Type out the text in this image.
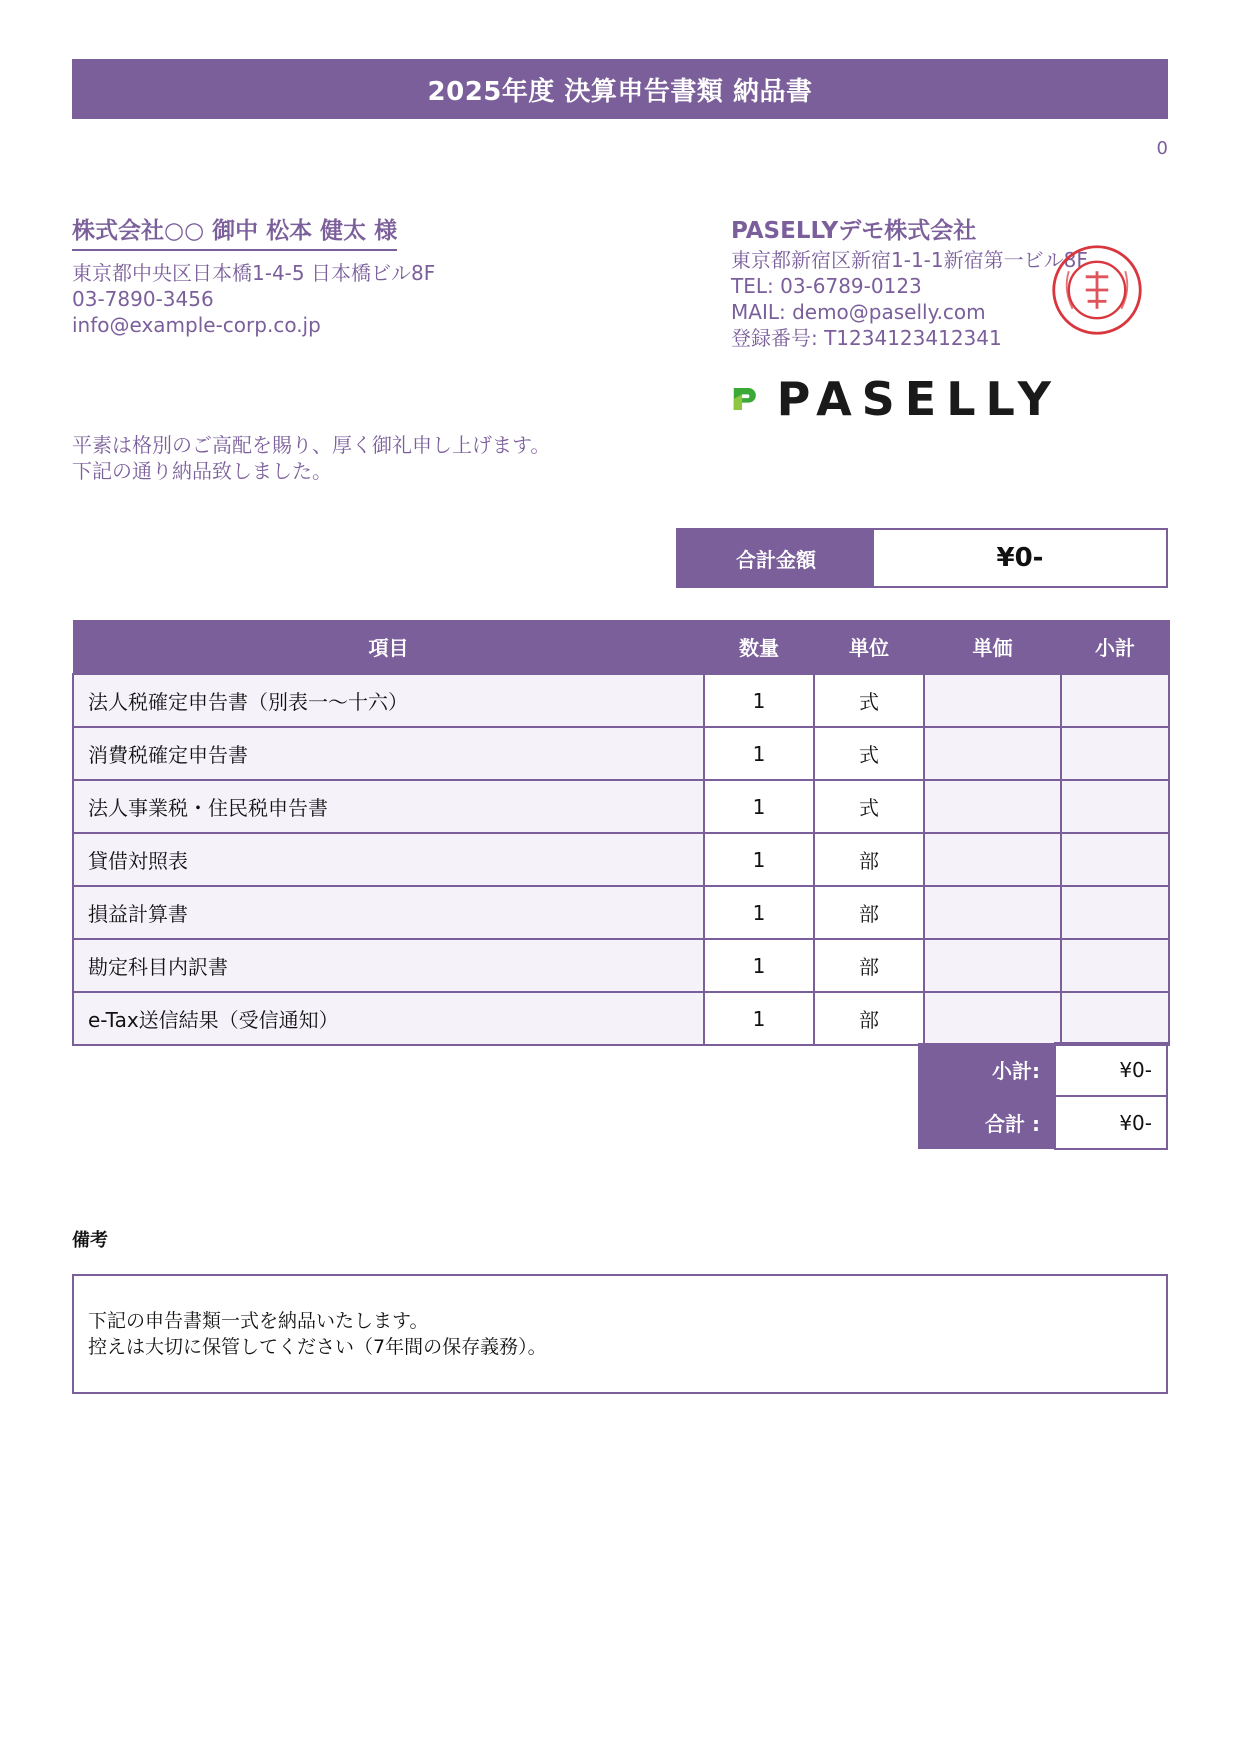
2025年度 決算申告書類 納品書
0
株式会社○○ 御中 松本 健太 様
東京都中央区日本橋1-4-5 日本橋ビル8F
03-7890-3456
info@example-corp.co.jp
平素は格別のご高配を賜り、厚く御礼申し上げます。
下記の通り納品致しました。
PASELLYデモ株式会社
東京都新宿区新宿1-1-1新宿第一ビル8F
TEL: 03-6789-0123
MAIL: demo@paselly.com
登録番号: T1234123412341
PASELLY
合計金額	¥0-
項目	数量	単位	単価	小計
法人税確定申告書（別表一〜十六）	1	式		
消費税確定申告書	1	式		
法人事業税・住民税申告書	1	式		
貸借対照表	1	部		
損益計算書	1	部		
勘定科目内訳書	1	部		
e-Tax送信結果（受信通知）	1	部		
小計:	¥0-
合計 :	¥0-
備考
下記の申告書類一式を納品いたします。
控えは大切に保管してください（7年間の保存義務）。
